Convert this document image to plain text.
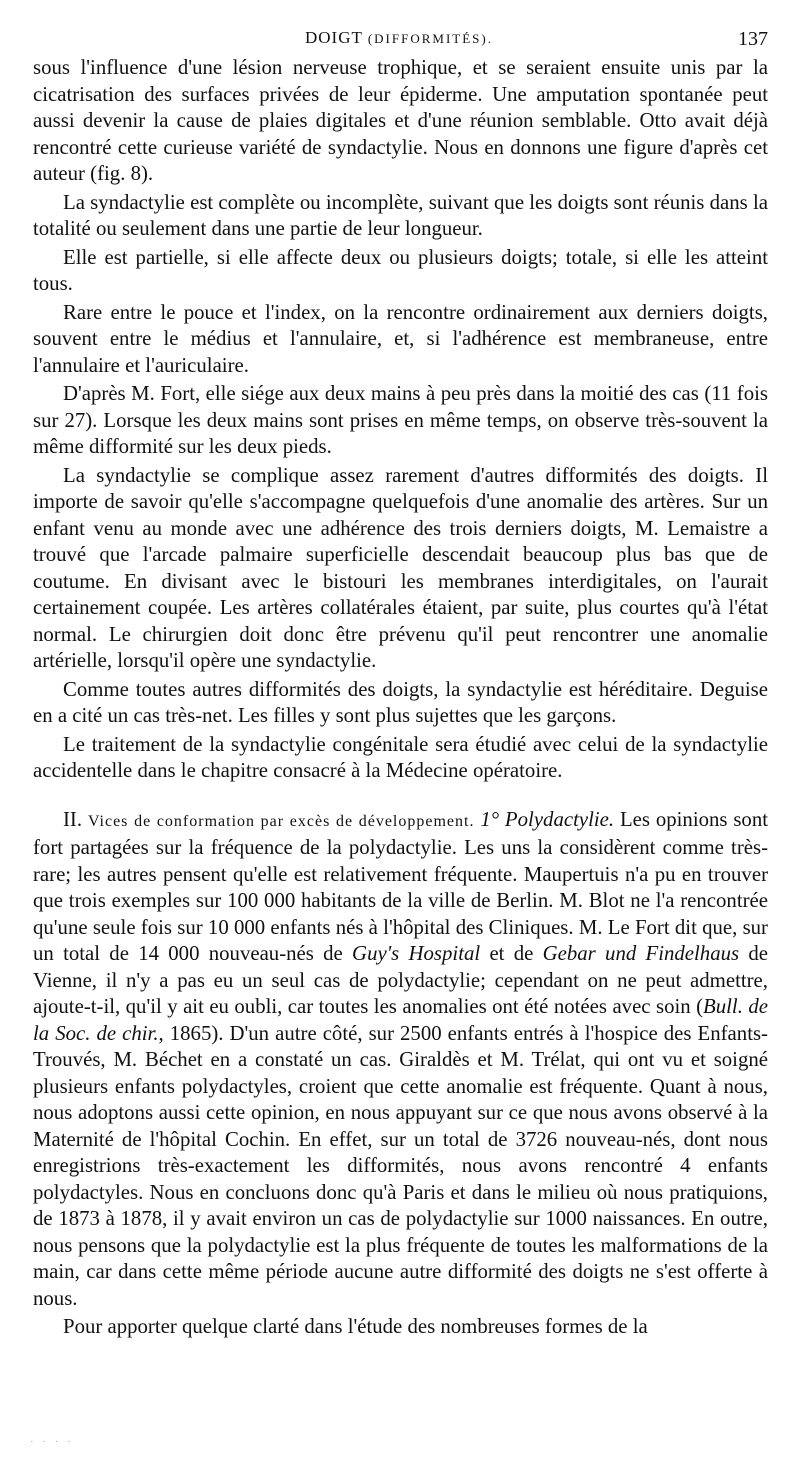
DOIGT (DIFFORMITÉS).	137

sous l'influence d'une lésion nerveuse trophique, et se seraient ensuite unis par la cicatrisation des surfaces privées de leur épiderme. Une amputation spontanée peut aussi devenir la cause de plaies digitales et d'une réunion semblable. Otto avait déjà rencontré cette curieuse variété de syndactylie. Nous en donnons une figure d'après cet auteur (fig. 8).

La syndactylie est complète ou incomplète, suivant que les doigts sont réunis dans la totalité ou seulement dans une partie de leur longueur.

Elle est partielle, si elle affecte deux ou plusieurs doigts; totale, si elle les atteint tous.

Rare entre le pouce et l'index, on la rencontre ordinairement aux derniers doigts, souvent entre le médius et l'annulaire, et, si l'adhérence est membraneuse, entre l'annulaire et l'auriculaire.

D'après M. Fort, elle siége aux deux mains à peu près dans la moitié des cas (11 fois sur 27). Lorsque les deux mains sont prises en même temps, on observe très-souvent la même difformité sur les deux pieds.

La syndactylie se complique assez rarement d'autres difformités des doigts. Il importe de savoir qu'elle s'accompagne quelquefois d'une anomalie des artères. Sur un enfant venu au monde avec une adhérence des trois derniers doigts, M. Lemaistre a trouvé que l'arcade palmaire superficielle descendait beaucoup plus bas que de coutume. En divisant avec le bistouri les membranes interdigitales, on l'aurait certainement coupée. Les artères collatérales étaient, par suite, plus courtes qu'à l'état normal. Le chirurgien doit donc être prévenu qu'il peut rencontrer une anomalie artérielle, lorsqu'il opère une syndactylie.

Comme toutes autres difformités des doigts, la syndactylie est héréditaire. Deguise en a cité un cas très-net. Les filles y sont plus sujettes que les garçons.

Le traitement de la syndactylie congénitale sera étudié avec celui de la syndactylie accidentelle dans le chapitre consacré à la Médecine opératoire.

II. Vices de conformation par excès de développement. 1° Polydactylie. Les opinions sont fort partagées sur la fréquence de la polydactylie. Les uns la considèrent comme très-rare; les autres pensent qu'elle est relativement fréquente. Maupertuis n'a pu en trouver que trois exemples sur 100 000 habitants de la ville de Berlin. M. Blot ne l'a rencontrée qu'une seule fois sur 10 000 enfants nés à l'hôpital des Cliniques. M. Le Fort dit que, sur un total de 14 000 nouveau-nés de Guy's Hospital et de Gebar und Findelhaus de Vienne, il n'y a pas eu un seul cas de polydactylie; cependant on ne peut admettre, ajoute-t-il, qu'il y ait eu oubli, car toutes les anomalies ont été notées avec soin (Bull. de la Soc. de chir., 1865). D'un autre côté, sur 2500 enfants entrés à l'hospice des Enfants-Trouvés, M. Béchet en a constaté un cas. Giraldès et M. Trélat, qui ont vu et soigné plusieurs enfants polydactyles, croient que cette anomalie est fréquente. Quant à nous, nous adoptons aussi cette opinion, en nous appuyant sur ce que nous avons observé à la Maternité de l'hôpital Cochin. En effet, sur un total de 3726 nouveau-nés, dont nous enregistrions très-exactement les difformités, nous avons rencontré 4 enfants polydactyles. Nous en concluons donc qu'à Paris et dans le milieu où nous pratiquions, de 1873 à 1878, il y avait environ un cas de polydactylie sur 1000 naissances. En outre, nous pensons que la polydactylie est la plus fréquente de toutes les malformations de la main, car dans cette même période aucune autre difformité des doigts ne s'est offerte à nous.

Pour apporter quelque clarté dans l'étude des nombreuses formes de la

· · · ·
